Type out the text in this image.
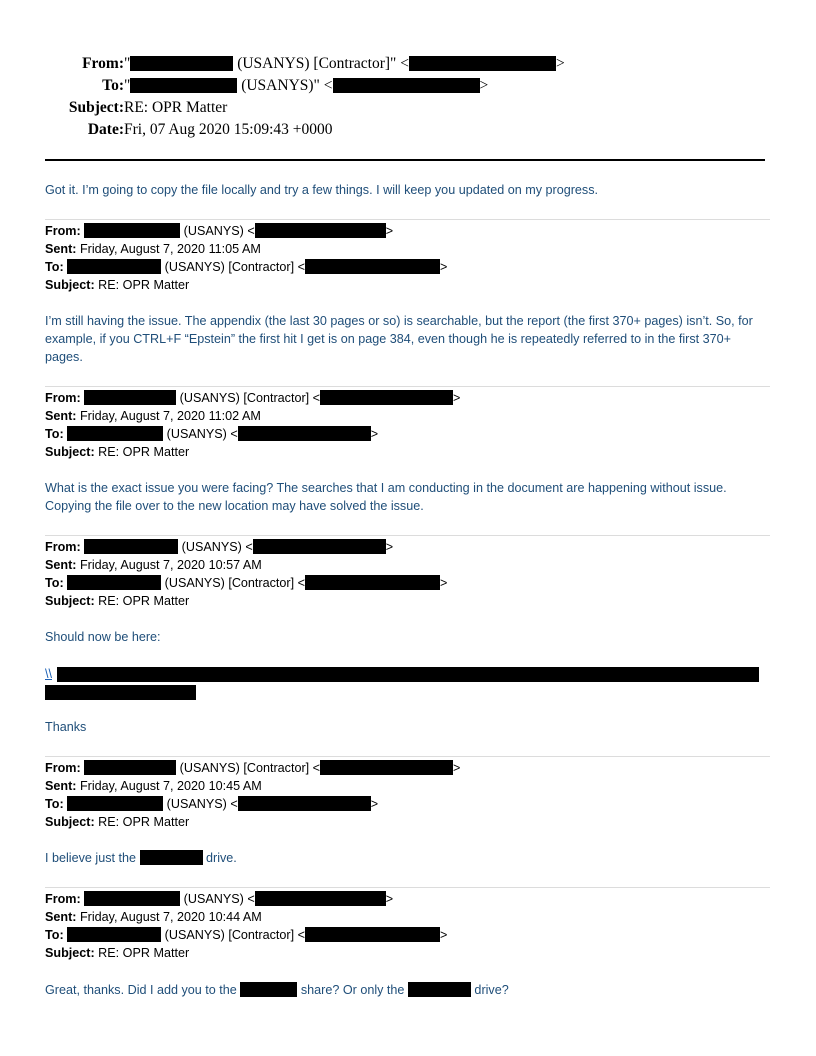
From: "	(USANYS) [Contractor]" <	>
To: "	(USANYS)" <	>
Subject: RE: OPR Matter
Date: Fri, 07 Aug 2020 15:09:43 +0000
Got it. I’m going to copy the file locally and try a few things. I will keep you updated on my progress.
From:	(USANYS) <	>
Sent: Friday, August 7, 2020 11:05 AM
To:	(USANYS) [Contractor] <	>
Subject: RE: OPR Matter
I’m still having the issue. The appendix (the last 30 pages or so) is searchable, but the report (the first 370+ pages) isn’t. So, for example, if you CTRL+F “Epstein” the first hit I get is on page 384, even though he is repeatedly referred to in the first 370+ pages.
From:	(USANYS) [Contractor] <	>
Sent: Friday, August 7, 2020 11:02 AM
To:	(USANYS) <	>
Subject: RE: OPR Matter
What is the exact issue you were facing? The searches that I am conducting in the document are happening without issue. Copying the file over to the new location may have solved the issue.
From:	(USANYS) <	>
Sent: Friday, August 7, 2020 10:57 AM
To:	(USANYS) [Contractor] <	>
Subject: RE: OPR Matter
Should now be here:
\\
Thanks
From:	(USANYS) [Contractor] <	>
Sent: Friday, August 7, 2020 10:45 AM
To:	(USANYS) <	>
Subject: RE: OPR Matter
I believe just the	drive.
From:	(USANYS) <	>
Sent: Friday, August 7, 2020 10:44 AM
To:	(USANYS) [Contractor] <	>
Subject: RE: OPR Matter
Great, thanks. Did I add you to the	share? Or only the	drive?
